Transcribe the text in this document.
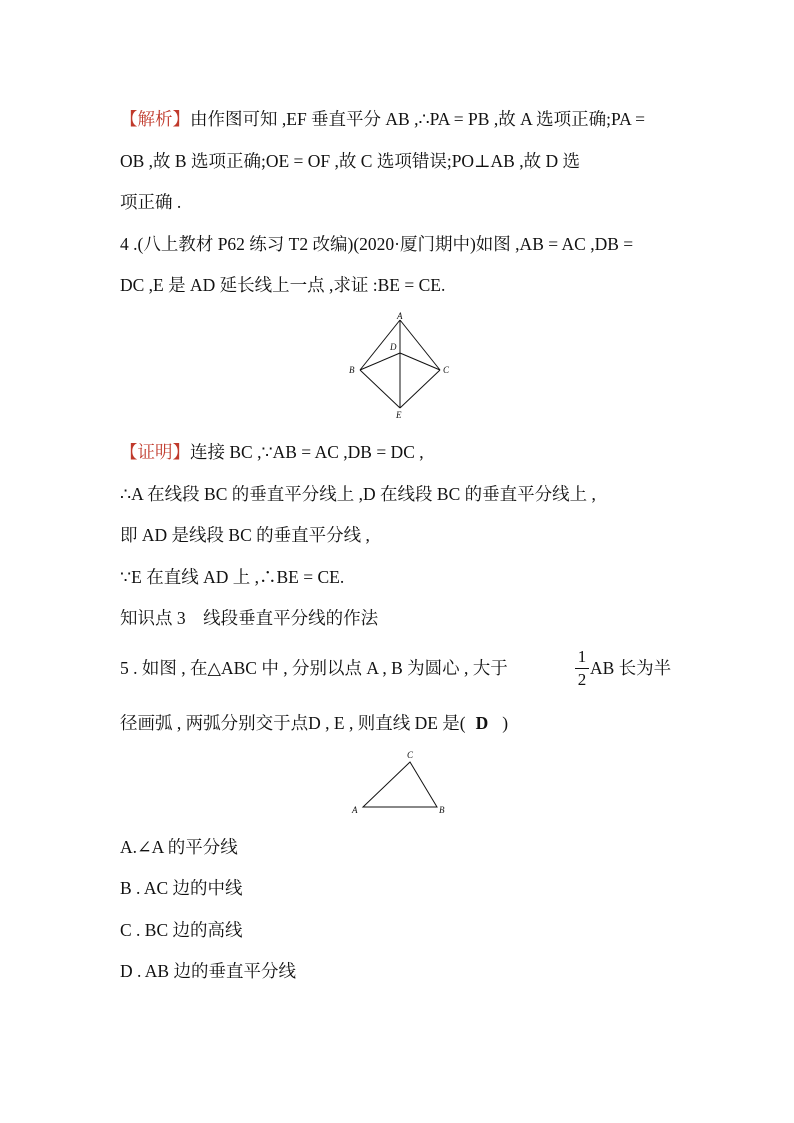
【解析】由作图可知 ,EF 垂直平分 AB ,∴PA = PB ,故 A 选项正确;PA =
OB ,故 B 选项正确;OE = OF ,故 C 选项错误;PO⊥AB ,故 D 选
项正确 .
4 .(八上教材 P62 练习 T2 改编)(2020·厦门期中)如图 ,AB = AC ,DB =
DC ,E 是 AD 延长线上一点 ,求证 :BE = CE.
A
B	C
D
E
【证明】连接 BC ,∵AB = AC ,DB = DC ,
∴A 在线段 BC 的垂直平分线上 ,D 在线段 BC 的垂直平分线上 ,
即 AD 是线段 BC 的垂直平分线 ,
∵E 在直线 AD 上 ,∴BE = CE.
知识点 3　线段垂直平分线的作法
5 . 如图 , 在△ABC 中 , 分别以点 A , B 为圆心 , 大于
1
2
AB 长为半
径画弧 , 两弧分别交于点D , E , 则直线 DE 是( D )
A	B
C
A.∠A 的平分线
B . AC 边的中线
C . BC 边的高线
D . AB 边的垂直平分线
